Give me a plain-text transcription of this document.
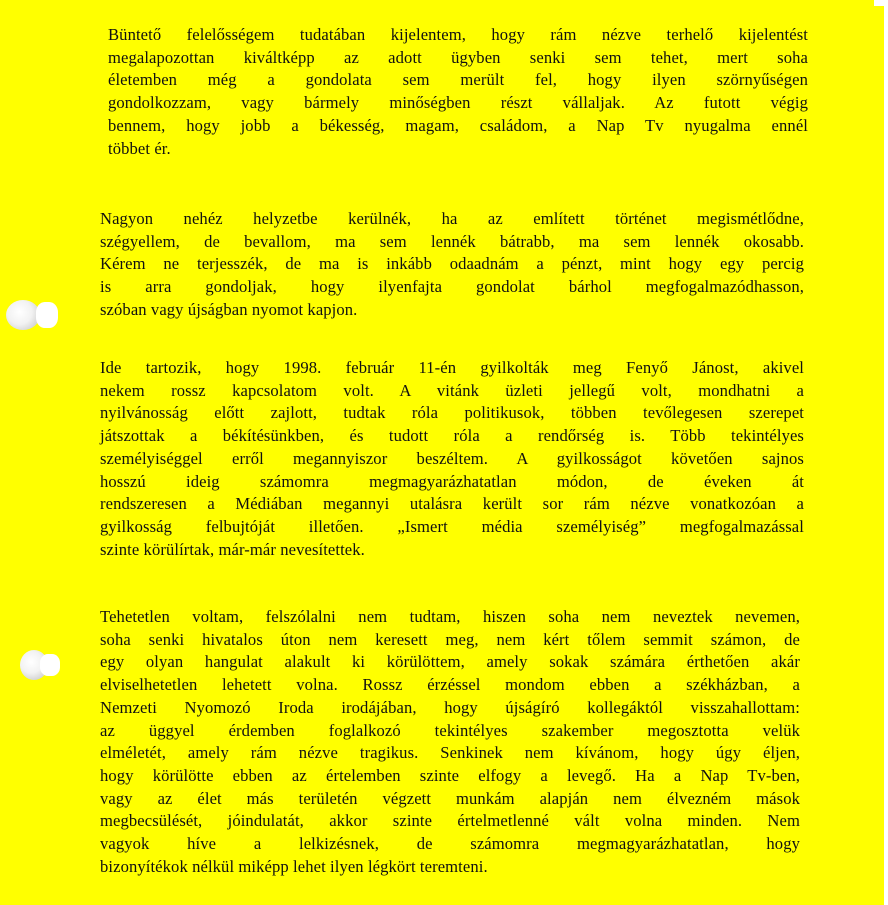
Büntető felelősségem tudatában kijelentem, hogy rám nézve terhelő kijelentést
megalapozottan kiváltképp az adott ügyben senki sem tehet, mert soha
életemben még a gondolata sem merült fel, hogy ilyen szörnyűségen
gondolkozzam, vagy bármely minőségben részt vállaljak. Az futott végig
bennem, hogy jobb a békesség, magam, családom, a Nap Tv nyugalma ennél
többet ér.

Nagyon nehéz helyzetbe kerülnék, ha az említett történet megismétlődne,
szégyellem, de bevallom, ma sem lennék bátrabb, ma sem lennék okosabb.
Kérem ne terjesszék, de ma is inkább odaadnám a pénzt, mint hogy egy percig
is arra gondoljak, hogy ilyenfajta gondolat bárhol megfogalmazódhasson,
szóban vagy újságban nyomot kapjon.

Ide tartozik, hogy 1998. február 11-én gyilkolták meg Fenyő Jánost, akivel
nekem rossz kapcsolatom volt. A vitánk üzleti jellegű volt, mondhatni a
nyilvánosság előtt zajlott, tudtak róla politikusok, többen tevőlegesen szerepet
játszottak a békítésünkben, és tudott róla a rendőrség is. Több tekintélyes
személyiséggel erről megannyiszor beszéltem. A gyilkosságot követően sajnos
hosszú ideig számomra megmagyarázhatatlan módon, de éveken át
rendszeresen a Médiában megannyi utalásra került sor rám nézve vonatkozóan a
gyilkosság felbujtóját illetően. „Ismert média személyiség” megfogalmazással
szinte körülírtak, már-már nevesítettek.

Tehetetlen voltam, felszólalni nem tudtam, hiszen soha nem neveztek nevemen,
soha senki hivatalos úton nem keresett meg, nem kért tőlem semmit számon, de
egy olyan hangulat alakult ki körülöttem, amely sokak számára érthetően akár
elviselhetetlen lehetett volna. Rossz érzéssel mondom ebben a székházban, a
Nemzeti Nyomozó Iroda irodájában, hogy újságíró kollegáktól visszahallottam:
az üggyel érdemben foglalkozó tekintélyes szakember megosztotta velük
elméletét, amely rám nézve tragikus. Senkinek nem kívánom, hogy úgy éljen,
hogy körülötte ebben az értelemben szinte elfogy a levegő. Ha a Nap Tv-ben,
vagy az élet más területén végzett munkám alapján nem élvezném mások
megbecsülését, jóindulatát, akkor szinte értelmetlenné vált volna minden. Nem
vagyok híve a lelkizésnek, de számomra megmagyarázhatatlan, hogy
bizonyítékok nélkül miképp lehet ilyen légkört teremteni.
